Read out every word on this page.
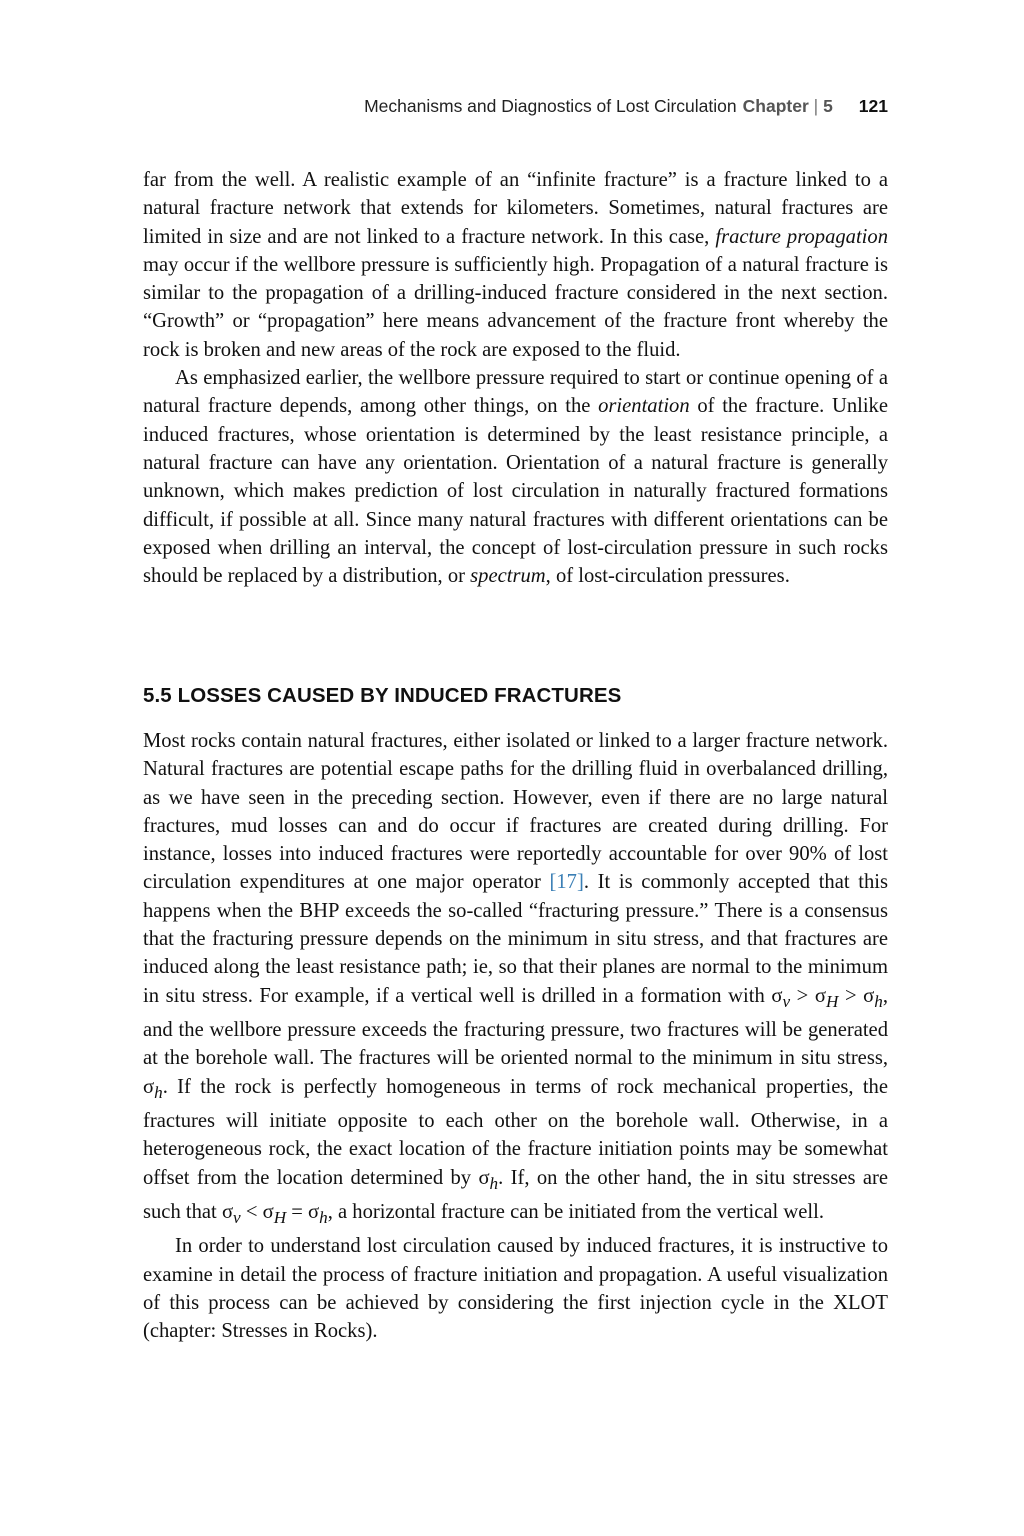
Mechanisms and Diagnostics of Lost Circulation Chapter | 5 121

far from the well. A realistic example of an “infinite fracture” is a fracture linked to a natural fracture network that extends for kilometers. Sometimes, natural fractures are limited in size and are not linked to a fracture network. In this case, fracture propagation may occur if the wellbore pressure is sufficiently high. Propagation of a natural fracture is similar to the propagation of a drilling-induced fracture considered in the next section. “Growth” or “propagation” here means advancement of the fracture front whereby the rock is broken and new areas of the rock are exposed to the fluid.

As emphasized earlier, the wellbore pressure required to start or continue opening of a natural fracture depends, among other things, on the orientation of the fracture. Unlike induced fractures, whose orientation is determined by the least resistance principle, a natural fracture can have any orientation. Orientation of a natural fracture is generally unknown, which makes prediction of lost circulation in naturally fractured formations difficult, if possible at all. Since many natural fractures with different orientations can be exposed when drilling an interval, the concept of lost-circulation pressure in such rocks should be replaced by a distribution, or spectrum, of lost-circulation pressures.

5.5 LOSSES CAUSED BY INDUCED FRACTURES

Most rocks contain natural fractures, either isolated or linked to a larger fracture network. Natural fractures are potential escape paths for the drilling fluid in overbalanced drilling, as we have seen in the preceding section. However, even if there are no large natural fractures, mud losses can and do occur if fractures are created during drilling. For instance, losses into induced fractures were reportedly accountable for over 90% of lost circulation expenditures at one major operator [17]. It is commonly accepted that this happens when the BHP exceeds the so-called “fracturing pressure.” There is a consensus that the fracturing pressure depends on the minimum in situ stress, and that fractures are induced along the least resistance path; ie, so that their planes are normal to the minimum in situ stress. For example, if a vertical well is drilled in a formation with $\sigma_v > \sigma_H > \sigma_h$, and the wellbore pressure exceeds the fracturing pressure, two fractures will be generated at the borehole wall. The fractures will be oriented normal to the minimum in situ stress, $\sigma_h$. If the rock is perfectly homogeneous in terms of rock mechanical properties, the fractures will initiate opposite to each other on the borehole wall. Otherwise, in a heterogeneous rock, the exact location of the fracture initiation points may be somewhat offset from the location determined by $\sigma_h$. If, on the other hand, the in situ stresses are such that $\sigma_v < \sigma_H = \sigma_h$, a horizontal fracture can be initiated from the vertical well.

In order to understand lost circulation caused by induced fractures, it is instructive to examine in detail the process of fracture initiation and propagation. A useful visualization of this process can be achieved by considering the first injection cycle in the XLOT (chapter: Stresses in Rocks).
